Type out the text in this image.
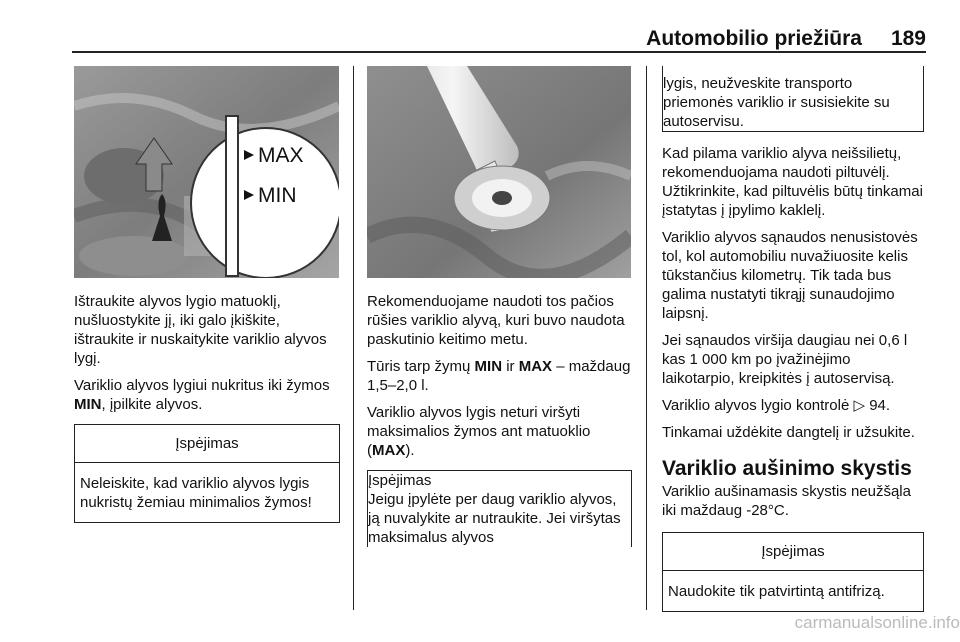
Automobilio priežiūra	189
MAX
MIN

Ištraukite alyvos lygio matuoklį, nušluostykite jį, iki galo įkiškite, ištraukite ir nuskaitykite variklio alyvos lygį.

Variklio alyvos lygiui nukritus iki žymos MIN, įpilkite alyvos.

Įspėjimas
Neleiskite, kad variklio alyvos lygis nukristų žemiau minimalios žymos!

Rekomenduojame naudoti tos pačios rūšies variklio alyvą, kuri buvo naudota paskutinio keitimo metu.

Tūris tarp žymų MIN ir MAX – maždaug 1,5–2,0 l.

Variklio alyvos lygis neturi viršyti maksimalios žymos ant matuoklio (MAX).

Įspėjimas
Jeigu įpylėte per daug variklio alyvos, ją nuvalykite ar nutraukite. Jei viršytas maksimalus alyvos
lygis, neužveskite transporto priemonės variklio ir susisiekite su autoservisu.

Kad pilama variklio alyva neišsilietų, rekomenduojama naudoti piltuvėlį. Užtikrinkite, kad piltuvėlis būtų tinkamai įstatytas į įpylimo kaklelį.

Variklio alyvos sąnaudos nenusistovės tol, kol automobiliu nuvažiuosite kelis tūkstančius kilometrų. Tik tada bus galima nustatyti tikrąjį sunaudojimo laipsnį.

Jei sąnaudos viršija daugiau nei 0,6 l kas 1 000 km po įvažinėjimo laikotarpio, kreipkitės į autoservisą.

Variklio alyvos lygio kontrolė ▷ 94.

Tinkamai uždėkite dangtelį ir užsukite.

Variklio aušinimo skystis

Variklio aušinamasis skystis neužšąla iki maždaug -28°C.

Įspėjimas
Naudokite tik patvirtintą antifrizą.
carmanualsonline.info
